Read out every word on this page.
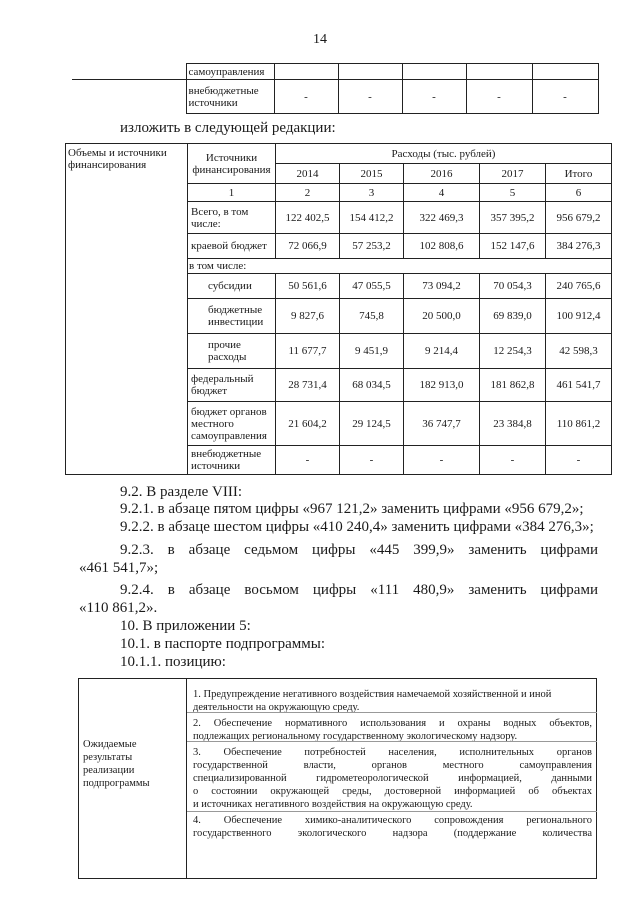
14
	самоуправления					
	внебюджетные источники	-	-	-	-	-
изложить в следующей редакции:
Объемы и источники финансирования	Источники финансирования	Расходы (тыс. рублей)				
		2014	2015	2016	2017	Итого
	1	2	3	4	5	6
	Всего, в том числе:	122 402,5	154 412,2	322 469,3	357 395,2	956 679,2
	краевой бюджет	72 066,9	57 253,2	102 808,6	152 147,6	384 276,3
	в том числе:					
	субсидии	50 561,6	47 055,5	73 094,2	70 054,3	240 765,6
	бюджетные инвестиции	9 827,6	745,8	20 500,0	69 839,0	100 912,4
	прочие расходы	11 677,7	9 451,9	9 214,4	12 254,3	42 598,3
	федеральный бюджет	28 731,4	68 034,5	182 913,0	181 862,8	461 541,7
	бюджет органов местного самоуправления	21 604,2	29 124,5	36 747,7	23 384,8	110 861,2
	внебюджетные источники	-	-	-	-	-
9.2. В разделе VIII:
9.2.1. в абзаце пятом цифры «967 121,2» заменить цифрами «956 679,2»;
9.2.2. в абзаце шестом цифры «410 240,4» заменить цифрами «384 276,3»;
9.2.3. в абзаце седьмом цифры «445 399,9» заменить цифрами
«461 541,7»;
9.2.4. в абзаце восьмом цифры «111 480,9» заменить цифрами
«110 861,2».
10. В приложении 5:
10.1. в паспорте подпрограммы:
10.1.1. позицию:
Ожидаемые результаты реализации подпрограммы	
1. Предупреждение негативного воздействия намечаемой хозяйственной и иной
деятельности на окружающую среду.
2. Обеспечение нормативного использования и охраны водных объектов,
подлежащих региональному государственному экологическому надзору.
3. Обеспечение потребностей населения, исполнительных органов
государственной власти, органов местного самоуправления
специализированной гидрометеорологической информацией, данными
о состоянии окружающей среды, достоверной информацией об объектах
и источниках негативного воздействия на окружающую среду.
4. Обеспечение химико-аналитического сопровождения регионального
государственного экологического надзора (поддержание количества
